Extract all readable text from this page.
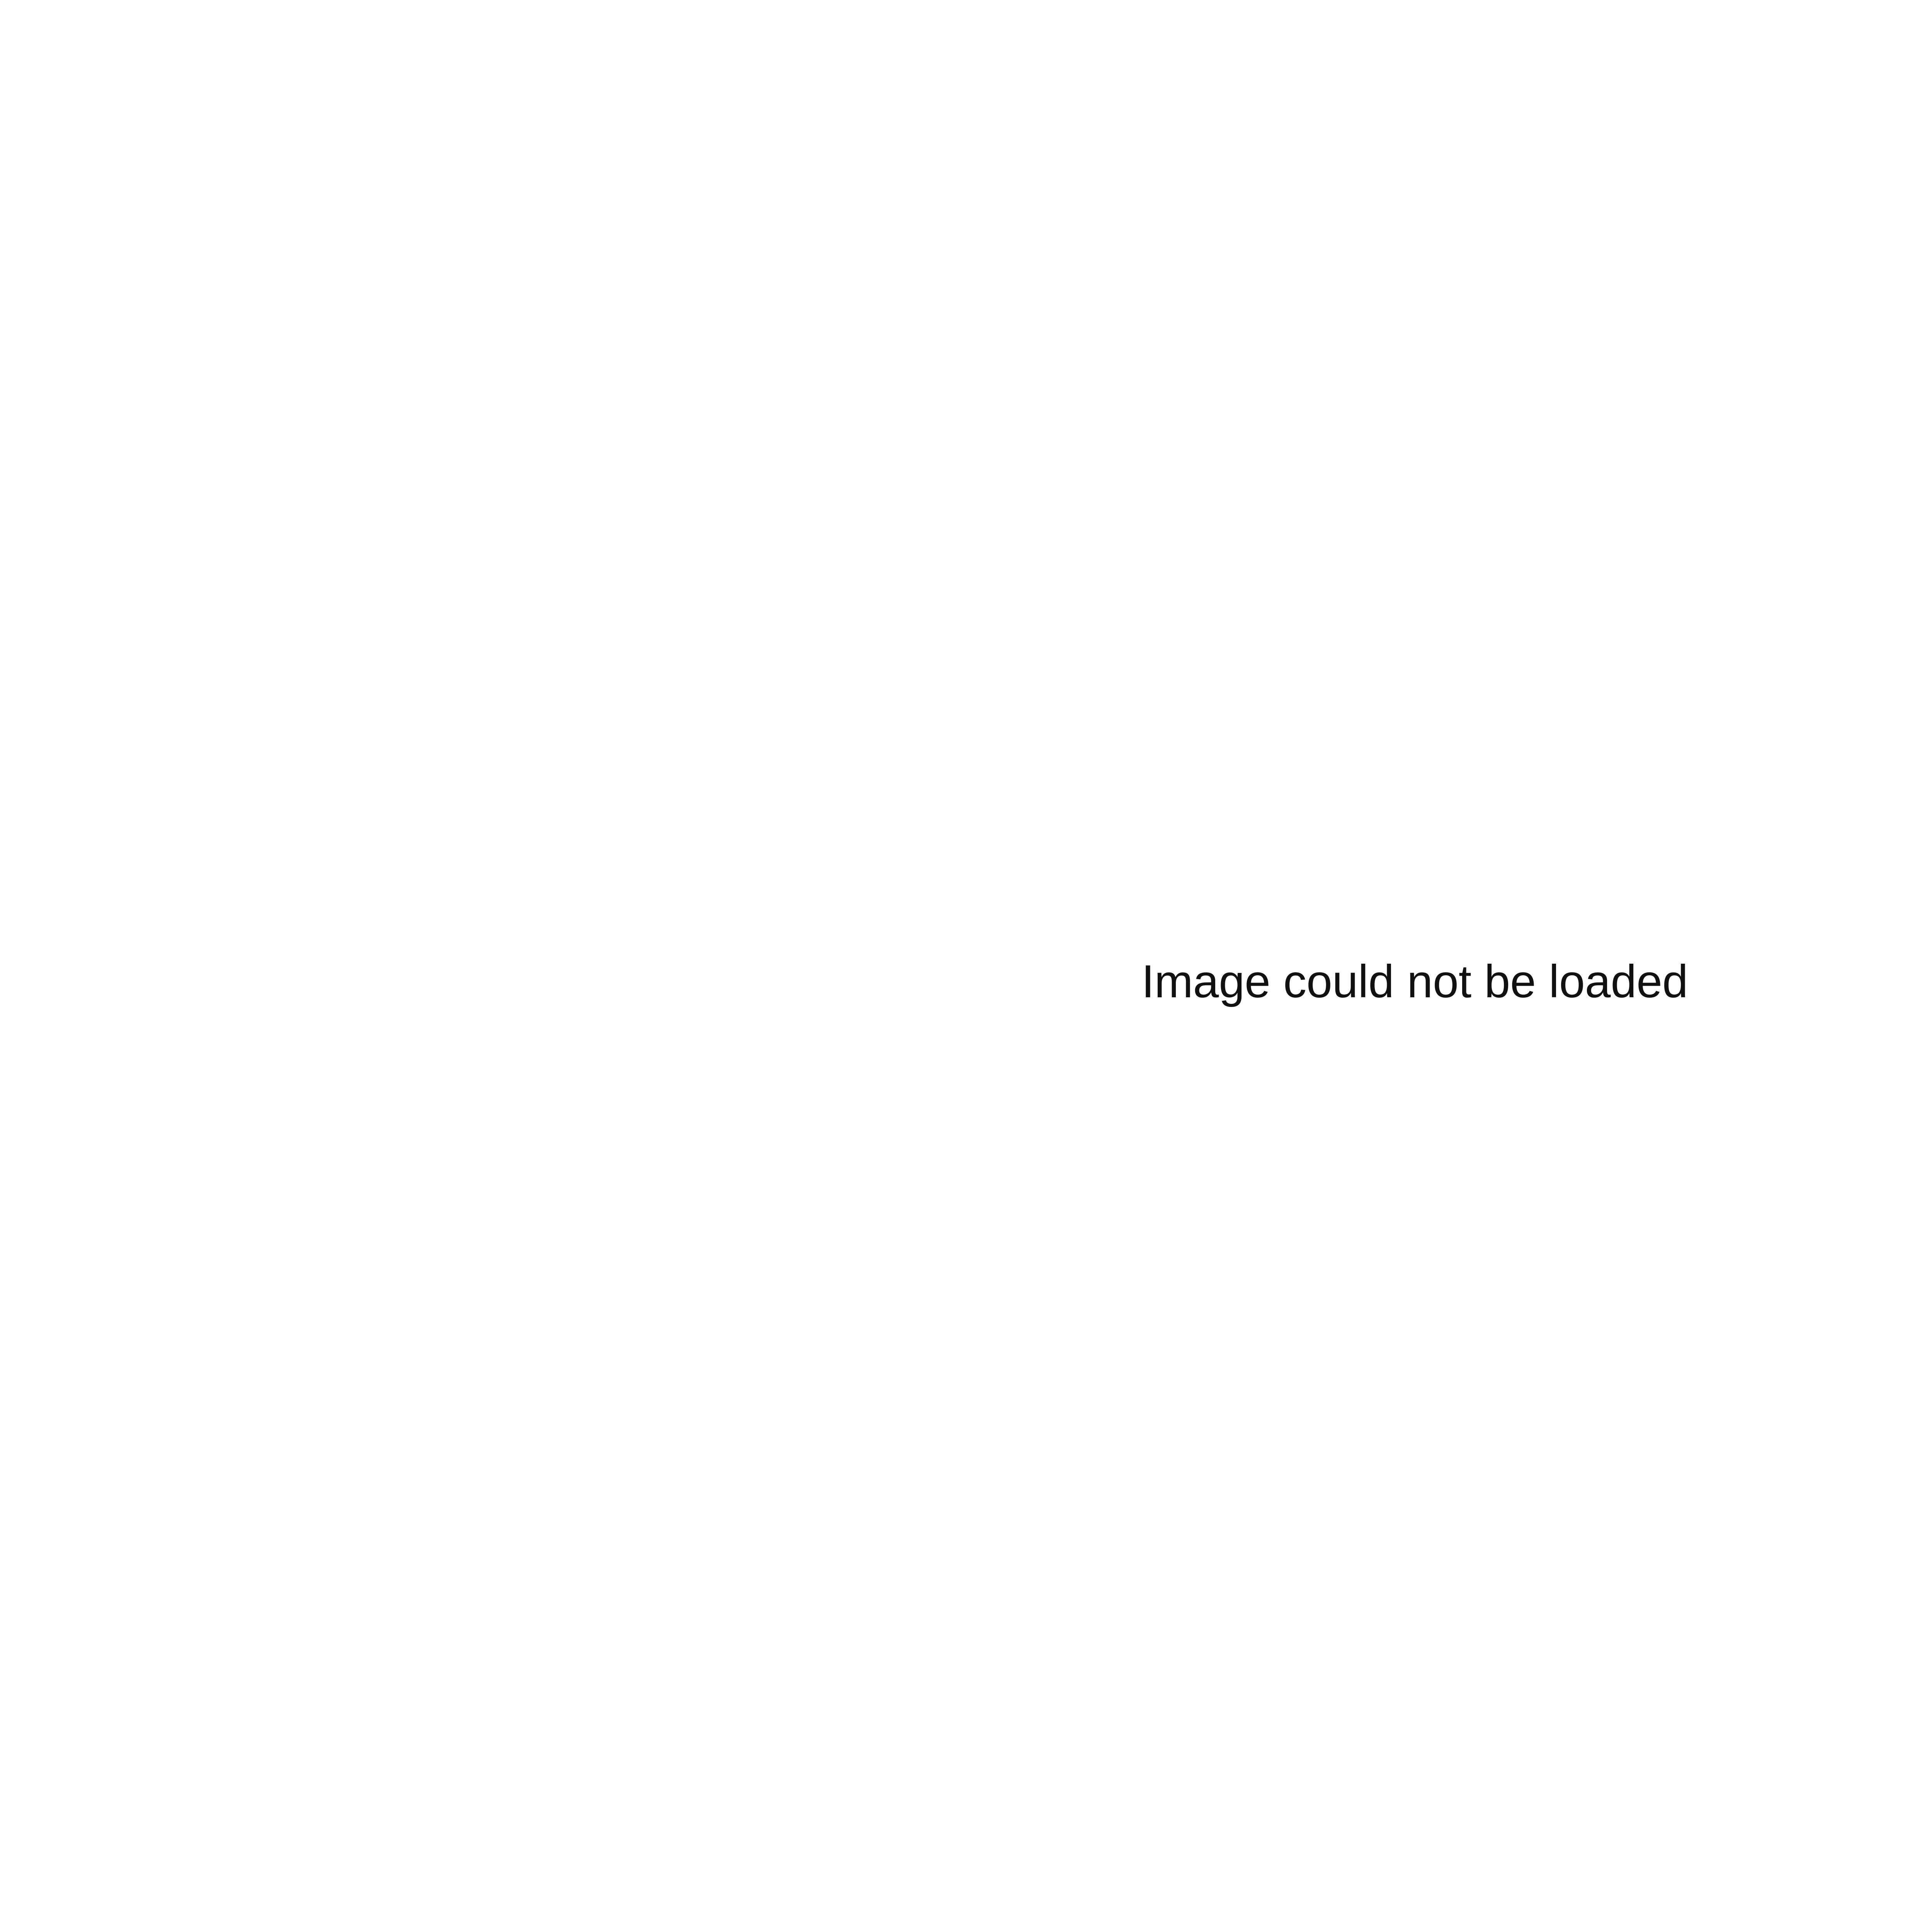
Image could not be loaded
